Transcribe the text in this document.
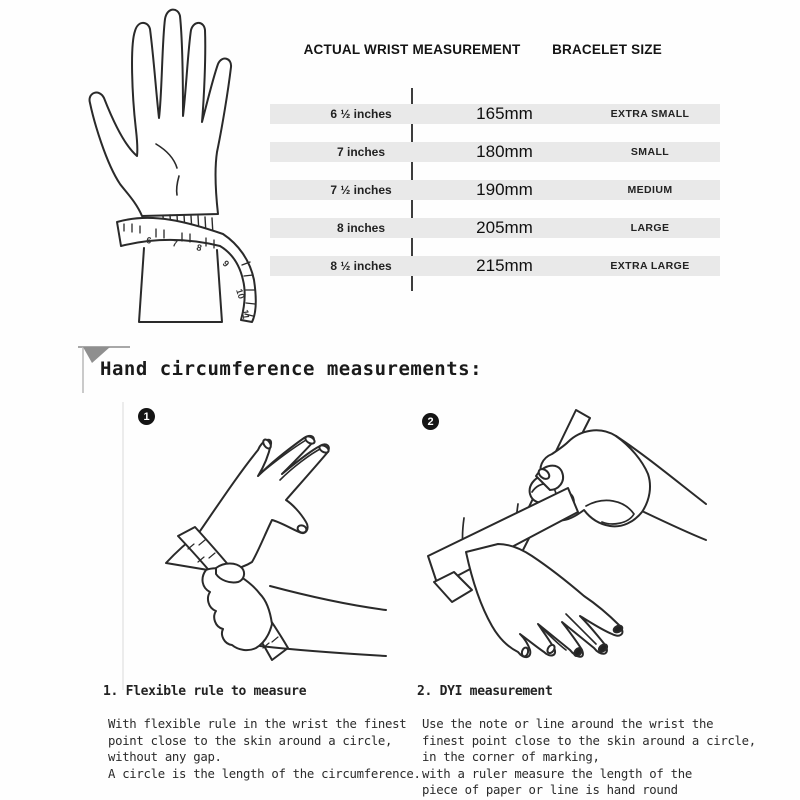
6 7 8
9
10
11
ACTUAL WRIST MEASUREMENT BRACELET SIZE
6 ½ inches	165mm	EXTRA SMALL
7 inches	180mm	SMALL
7 ½ inches	190mm	MEDIUM
8 inches	205mm	LARGE
8 ½ inches	215mm	EXTRA LARGE
Hand circumference measurements:
1	2
1. Flexible rule to measure
With flexible rule in the wrist the finest
point close to the skin around a circle,
without any gap.
A circle is the length of the circumference.
2. DYI measurement
Use the note or line around the wrist the
finest point close to the skin around a circle,
in the corner of marking,
with a ruler measure the length of the
piece of paper or line is hand round
